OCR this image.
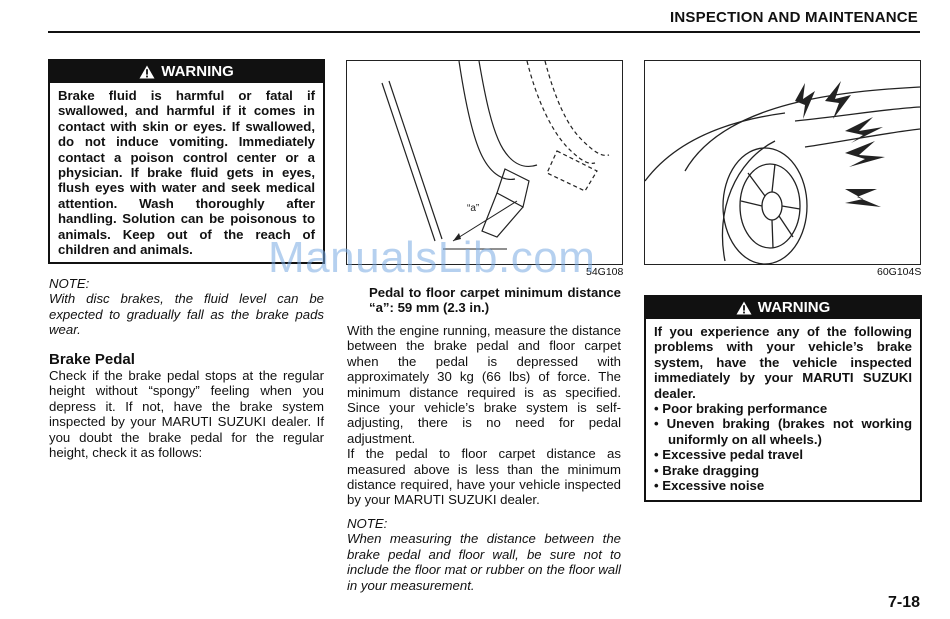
INSPECTION AND MAINTENANCE
WARNING
Brake fluid is harmful or fatal if swallowed, and harmful if it comes in contact with skin or eyes. If swallowed, do not induce vomiting. Immediately contact a poison control center or a physician. If brake fluid gets in eyes, flush eyes with water and seek medical attention. Wash thoroughly after handling. Solution can be poisonous to animals. Keep out of the reach of children and animals.
NOTE:
With disc brakes, the fluid level can be expected to gradually fall as the brake pads wear.
Brake Pedal
Check if the brake pedal stops at the regular height without “spongy” feeling when you depress it. If not, have the brake system inspected by your MARUTI SUZUKI dealer. If you doubt the brake pedal for the regular height, check it as follows:
“a”
54G108
Pedal to floor carpet minimum distance “a”: 59 mm (2.3 in.)
With the engine running, measure the distance between the brake pedal and floor carpet when the pedal is depressed with approximately 30 kg (66 lbs) of force. The minimum distance required is as specified. Since your vehicle’s brake system is self-adjusting, there is no need for pedal adjustment.
If the pedal to floor carpet distance as measured above is less than the minimum distance required, have your vehicle inspected by your MARUTI SUZUKI dealer.
NOTE:
When measuring the distance between the brake pedal and floor wall, be sure not to include the floor mat or rubber on the floor wall in your measurement.
60G104S
WARNING
If you experience any of the following problems with your vehicle’s brake system, have the vehicle inspected immediately by your MARUTI SUZUKI dealer.
• Poor braking performance
• Uneven braking (brakes not working uniformly on all wheels.)
• Excessive pedal travel
• Brake dragging
• Excessive noise
ManualsLib.com
7-18
